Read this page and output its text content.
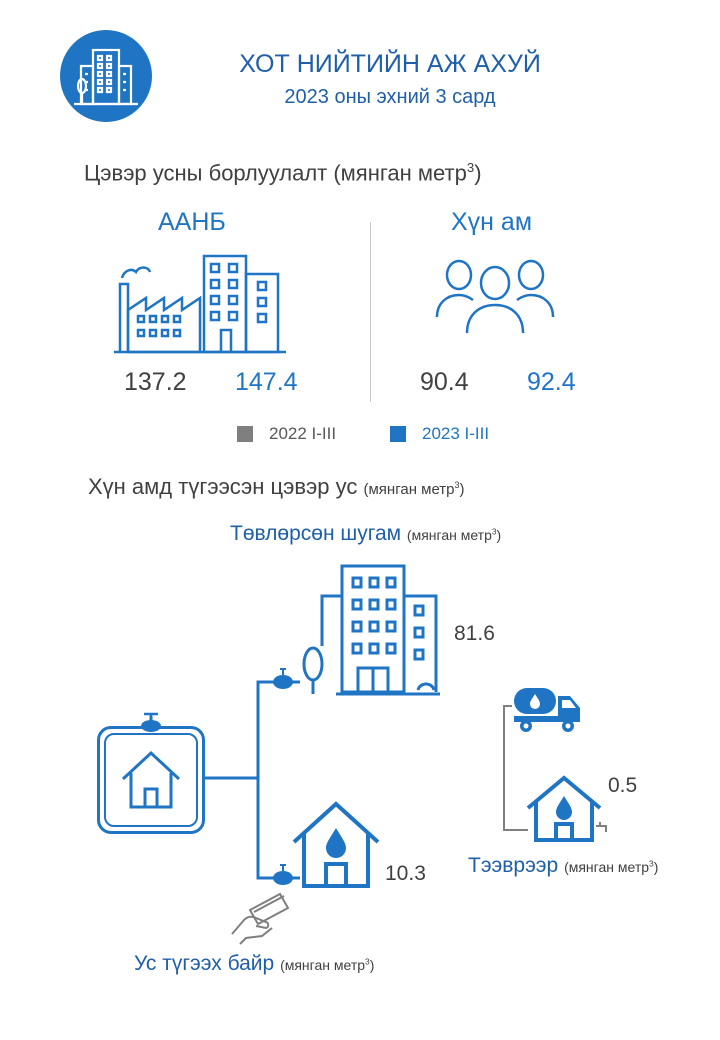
ХОТ НИЙТИЙН АЖ АХУЙ
2023 оны эхний 3 сард
Цэвэр усны борлуулалт (мянган метр$^3$)
ААНБ	Хүн ам
137.2 147.4	90.4 92.4
2022 I-III	2023 I-III
Хүн амд түгээсэн цэвэр ус (мянган метр$^3$)
Төвлөрсөн шугам (мянган метр$^3$)
81.6
10.3
Ус түгээх байр (мянган метр$^3$)
0.5
Тээврээр (мянган метр$^3$)
